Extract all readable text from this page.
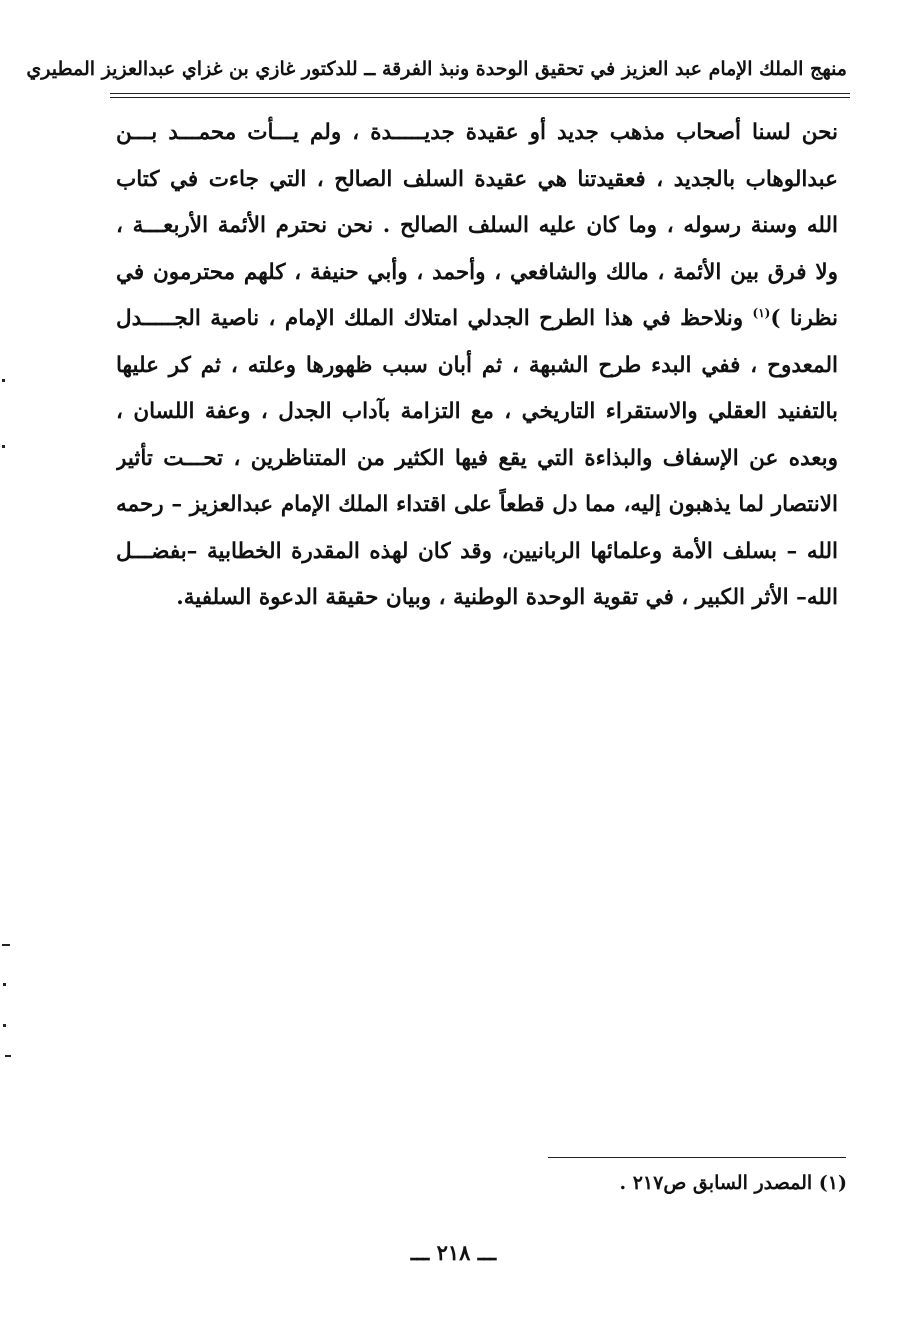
منهج الملك الإمام عبد العزيز في تحقيق الوحدة ونبذ الفرقة ــ للدكتور غازي بن غزاي عبدالعزيز المطيري
نحن لسنا أصحاب مذهب جديد أو عقيدة جديـــــدة ، ولم يـــأت محمـــد بـــن
عبدالوهاب بالجديد ، فعقيدتنا هي عقيدة السلف الصالح ، التي جاءت في كتاب
الله وسنة رسوله ، وما كان عليه السلف الصالح . نحن نحترم الأئمة الأربعـــة ،
ولا فرق بين الأئمة ، مالك والشافعي ، وأحمد ، وأبي حنيفة ، كلهم محترمون في
نظرنا )$^{(١)}$ ونلاحظ في هذا الطرح الجدلي امتلاك الملك الإمام ، ناصية الجـــــدل
المعدوح ، ففي البدء طرح الشبهة ، ثم أبان سبب ظهورها وعلته ، ثم كر عليها
بالتفنيد العقلي والاستقراء التاريخي ، مع التزامة بآداب الجدل ، وعفة اللسان ،
وبعده عن الإسفاف والبذاءة التي يقع فيها الكثير من المتناظرين ، تحـــت تأثير
الانتصار لما يذهبون إليه، مما دل قطعاً على اقتداء الملك الإمام عبدالعزيز – رحمه
الله – بسلف الأمة وعلمائها الربانيين، وقد كان لهذه المقدرة الخطابية –بفضـــل
الله– الأثر الكبير ، في تقوية الوحدة الوطنية ، وبيان حقيقة الدعوة السلفية.
(١) المصدر السابق ص٢١٧ .
ـــ ٢١٨ ـــ
